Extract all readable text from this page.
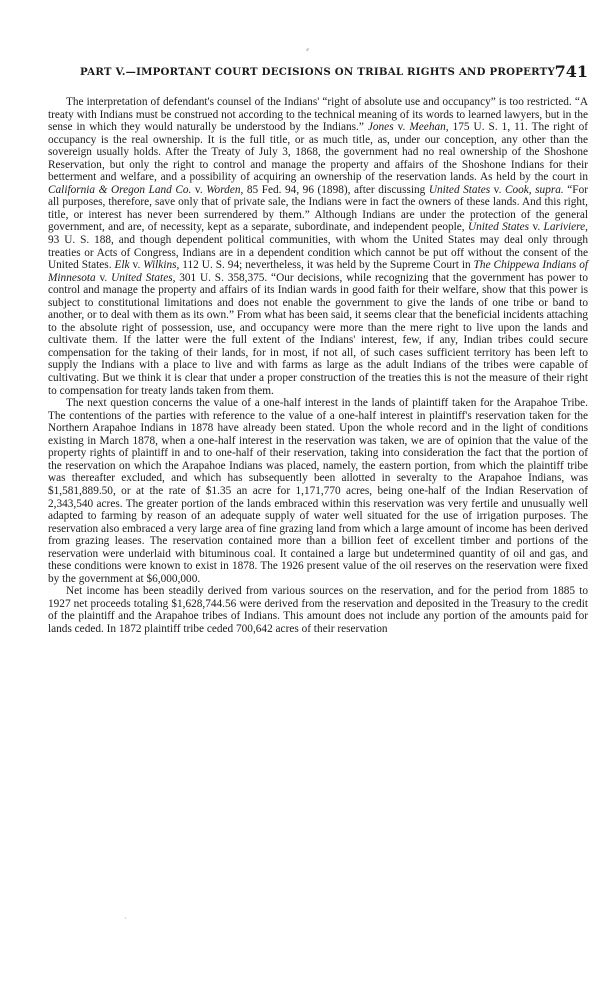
⸗
PART V.—IMPORTANT COURT DECISIONS ON TRIBAL RIGHTS AND PROPERTY 741

The interpretation of defendant's counsel of the Indians' “right of absolute use and occupancy” is too restricted. “A treaty with Indians must be construed not according to the technical meaning of its words to learned lawyers, but in the sense in which they would naturally be understood by the Indians.” Jones v. Meehan, 175 U. S. 1, 11. The right of occupancy is the real ownership. It is the full title, or as much title, as, under our conception, any other than the sovereign usually holds. After the Treaty of July 3, 1868, the government had no real ownership of the Shoshone Reservation, but only the right to control and manage the property and affairs of the Shoshone Indians for their betterment and welfare, and a possibility of acquiring an ownership of the reservation lands. As held by the court in California & Oregon Land Co. v. Worden, 85 Fed. 94, 96 (1898), after discussing United States v. Cook, supra. “For all purposes, therefore, save only that of private sale, the Indians were in fact the owners of these lands. And this right, title, or interest has never been surrendered by them.” Although Indians are under the protection of the general government, and are, of necessity, kept as a separate, subordinate, and independent people, United States v. Lariviere, 93 U. S. 188, and though dependent political communities, with whom the United States may deal only through treaties or Acts of Congress, Indians are in a dependent condition which cannot be put off without the consent of the United States. Elk v. Wilkins, 112 U. S. 94; nevertheless, it was held by the Supreme Court in The Chippewa Indians of Minnesota v. United States, 301 U. S. 358,375. “Our decisions, while recognizing that the government has power to control and manage the property and affairs of its Indian wards in good faith for their welfare, show that this power is subject to constitutional limitations and does not enable the government to give the lands of one tribe or band to another, or to deal with them as its own.” From what has been said, it seems clear that the beneficial incidents attaching to the absolute right of possession, use, and occupancy were more than the mere right to live upon the lands and cultivate them. If the latter were the full extent of the Indians' interest, few, if any, Indian tribes could secure compensation for the taking of their lands, for in most, if not all, of such cases sufficient territory has been left to supply the Indians with a place to live and with farms as large as the adult Indians of the tribes were capable of cultivating. But we think it is clear that under a proper construction of the treaties this is not the measure of their right to compensation for treaty lands taken from them.

The next question concerns the value of a one-half interest in the lands of plaintiff taken for the Arapahoe Tribe. The contentions of the parties with reference to the value of a one-half interest in plaintiff's reservation taken for the Northern Arapahoe Indians in 1878 have already been stated. Upon the whole record and in the light of conditions existing in March 1878, when a one-half interest in the reservation was taken, we are of opinion that the value of the property rights of plaintiff in and to one-half of their reservation, taking into consideration the fact that the portion of the reservation on which the Arapahoe Indians was placed, namely, the eastern portion, from which the plaintiff tribe was thereafter excluded, and which has subsequently been allotted in severalty to the Arapahoe Indians, was $1,581,889.50, or at the rate of $1.35 an acre for 1,171,770 acres, being one-half of the Indian Reservation of 2,343,540 acres. The greater portion of the lands embraced within this reservation was very fertile and unusually well adapted to farming by reason of an adequate supply of water well situated for the use of irrigation purposes. The reservation also embraced a very large area of fine grazing land from which a large amount of income has been derived from grazing leases. The reservation contained more than a billion feet of excellent timber and portions of the reservation were underlaid with bituminous coal. It contained a large but undetermined quantity of oil and gas, and these conditions were known to exist in 1878. The 1926 present value of the oil reserves on the reservation were fixed by the government at $6,000,000.

Net income has been steadily derived from various sources on the reservation, and for the period from 1885 to 1927 net proceeds totaling $1,628,744.56 were derived from the reservation and deposited in the Treasury to the credit of the plaintiff and the Arapahoe tribes of Indians. This amount does not include any portion of the amounts paid for lands ceded. In 1872 plaintiff tribe ceded 700,642 acres of their reservation

‧
